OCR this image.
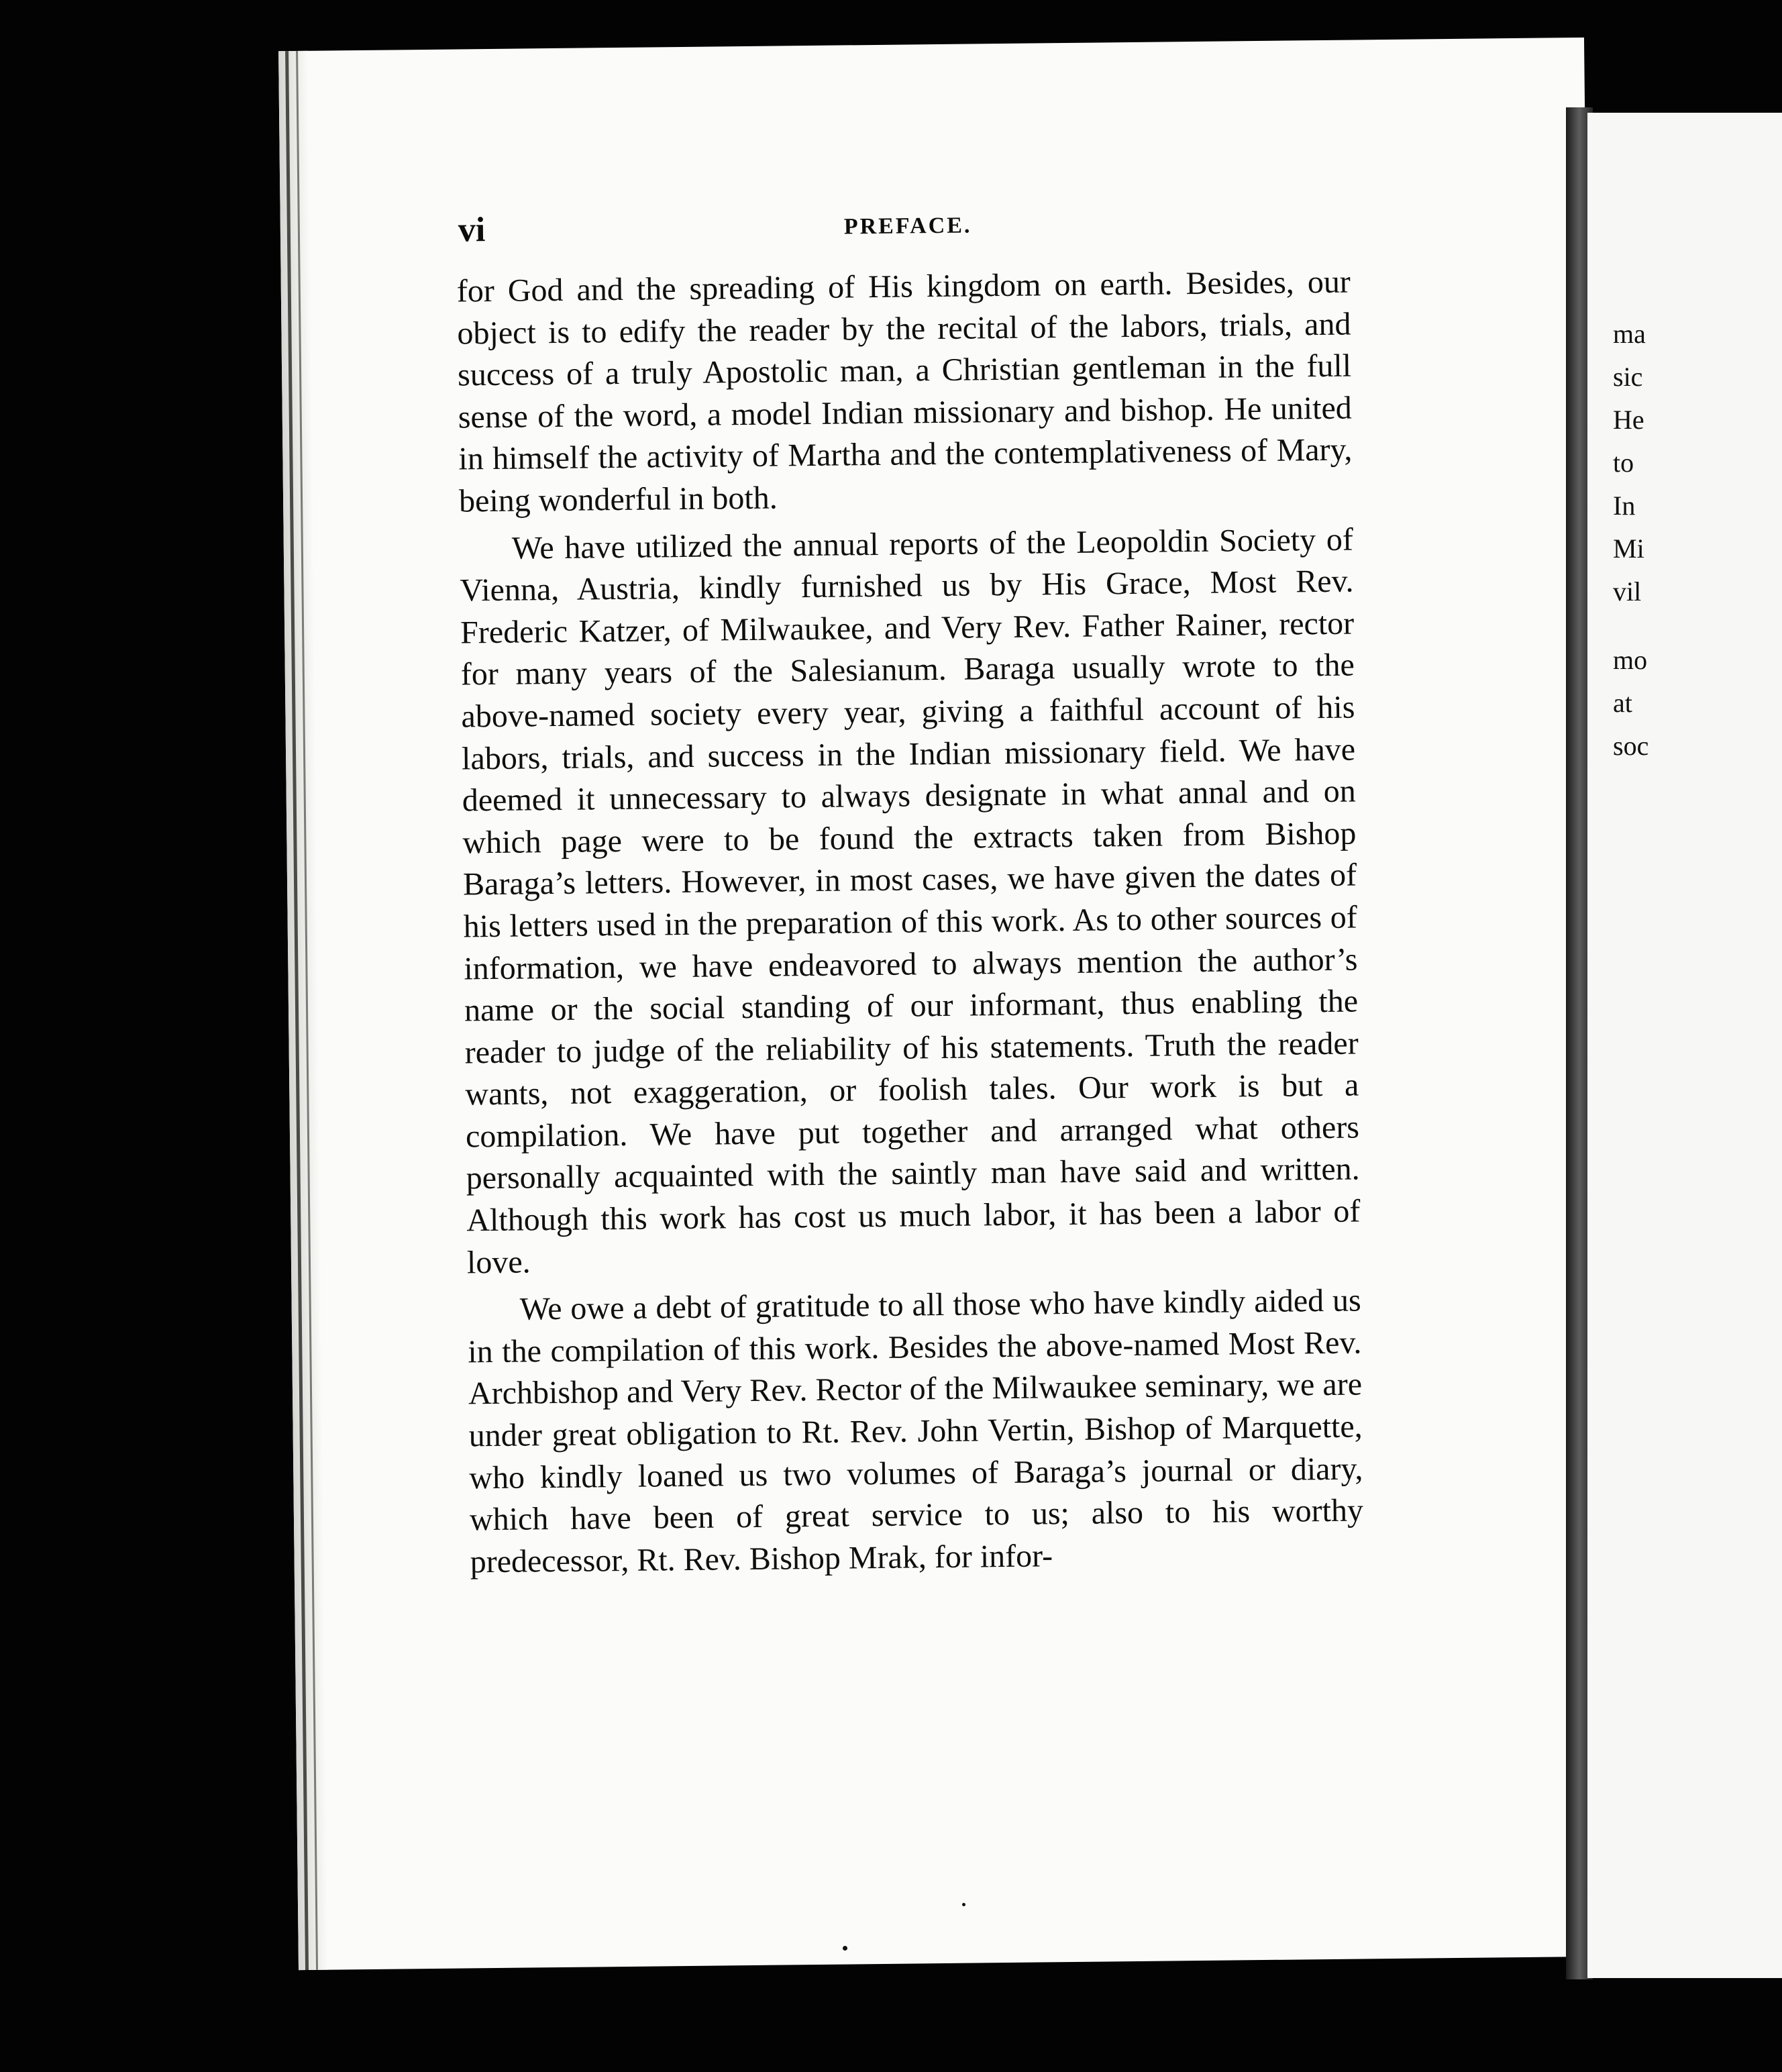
vi	PREFACE.

for God and the spreading of His kingdom on earth. Besides, our object is to edify the reader by the recital of the labors, trials, and success of a truly Apostolic man, a Christian gentleman in the full sense of the word, a model Indian missionary and bishop. He united in himself the activity of Martha and the contemplativeness of Mary, being wonderful in both.

We have utilized the annual reports of the Leopoldin Society of Vienna, Austria, kindly furnished us by His Grace, Most Rev. Frederic Katzer, of Milwaukee, and Very Rev. Father Rainer, rector for many years of the Salesianum. Baraga usually wrote to the above-named society every year, giving a faithful account of his labors, trials, and success in the Indian missionary field. We have deemed it unnecessary to always designate in what annal and on which page were to be found the extracts taken from Bishop Baraga’s letters. However, in most cases, we have given the dates of his letters used in the preparation of this work. As to other sources of information, we have endeavored to always mention the author’s name or the social standing of our informant, thus enabling the reader to judge of the reliability of his statements. Truth the reader wants, not exaggeration, or foolish tales. Our work is but a compilation. We have put together and arranged what others personally acquainted with the saintly man have said and written. Although this work has cost us much labor, it has been a labor of love.

We owe a debt of gratitude to all those who have kindly aided us in the compilation of this work. Besides the above-named Most Rev. Archbishop and Very Rev. Rector of the Milwaukee seminary, we are under great obligation to Rt. Rev. John Vertin, Bishop of Marquette, who kindly loaned us two volumes of Baraga’s journal or diary, which have been of great service to us; also to his worthy predecessor, Rt. Rev. Bishop Mrak, for infor-

ma
sic
He
to
In
Mi
vil
mo
at
soc
